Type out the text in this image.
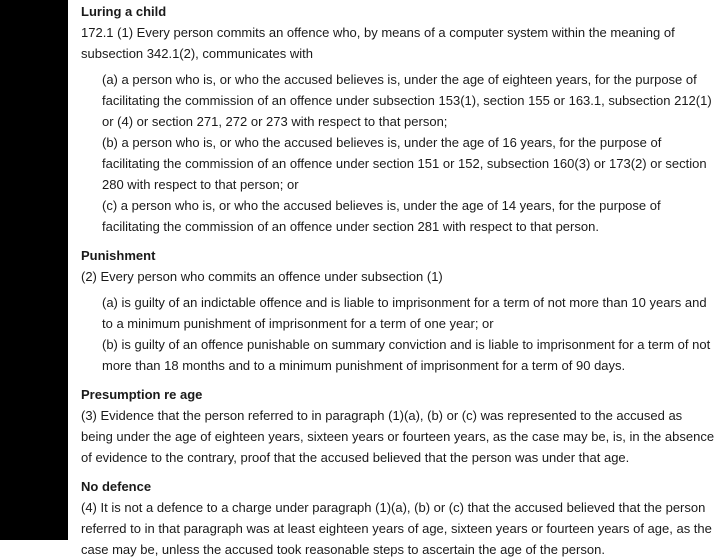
Luring a child

172.1 (1) Every person commits an offence who, by means of a computer system within the meaning of subsection 342.1(2), communicates with

(a) a person who is, or who the accused believes is, under the age of eighteen years, for the purpose of facilitating the commission of an offence under subsection 153(1), section 155 or 163.1, subsection 212(1) or (4) or section 271, 272 or 273 with respect to that person;

(b) a person who is, or who the accused believes is, under the age of 16 years, for the purpose of facilitating the commission of an offence under section 151 or 152, subsection 160(3) or 173(2) or section 280 with respect to that person; or

(c) a person who is, or who the accused believes is, under the age of 14 years, for the purpose of facilitating the commission of an offence under section 281 with respect to that person.

Punishment

(2) Every person who commits an offence under subsection (1)

(a) is guilty of an indictable offence and is liable to imprisonment for a term of not more than 10 years and to a minimum punishment of imprisonment for a term of one year; or

(b) is guilty of an offence punishable on summary conviction and is liable to imprisonment for a term of not more than 18 months and to a minimum punishment of imprisonment for a term of 90 days.

Presumption re age

(3) Evidence that the person referred to in paragraph (1)(a), (b) or (c) was represented to the accused as being under the age of eighteen years, sixteen years or fourteen years, as the case may be, is, in the absence of evidence to the contrary, proof that the accused believed that the person was under that age.

No defence

(4) It is not a defence to a charge under paragraph (1)(a), (b) or (c) that the accused believed that the person referred to in that paragraph was at least eighteen years of age, sixteen years or fourteen years of age, as the case may be, unless the accused took reasonable steps to ascertain the age of the person.
